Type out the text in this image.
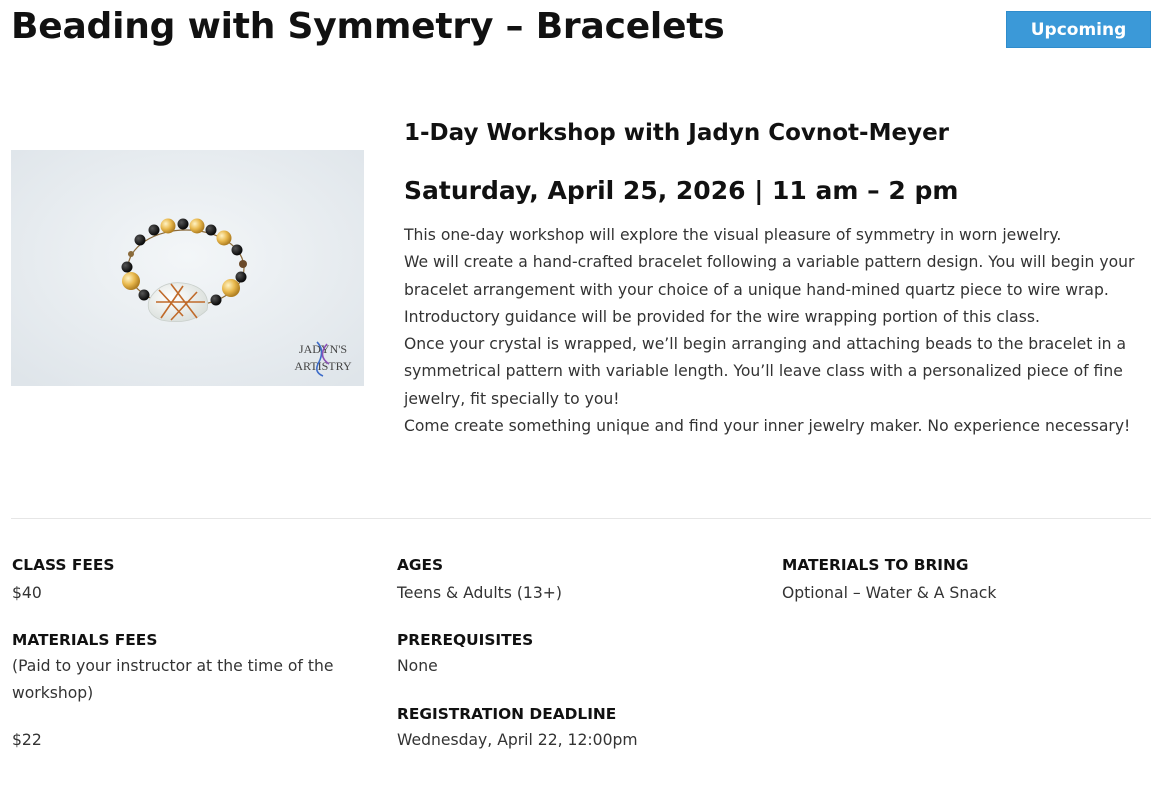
Beading with Symmetry – Bracelets	Upcoming
JADYN'S
ARTISTRY
1-Day Workshop with Jadyn Covnot-Meyer
Saturday, April 25, 2026 | 11 am – 2 pm

This one-day workshop will explore the visual pleasure of symmetry in worn jewelry.

We will create a hand-crafted bracelet following a variable pattern design. You will begin your bracelet arrangement with your choice of a unique hand-mined quartz piece to wire wrap.

Introductory guidance will be provided for the wire wrapping portion of this class.

Once your crystal is wrapped, we’ll begin arranging and attaching beads to the bracelet in a symmetrical pattern with variable length. You’ll leave class with a personalized piece of fine jewelry, fit specially to you!

Come create something unique and find your inner jewelry maker. No experience necessary!

CLASS FEES

$40

MATERIALS FEES

(Paid to your instructor at the time of the workshop)

$22

AGES

Teens & Adults (13+)

PREREQUISITES

None

REGISTRATION DEADLINE

Wednesday, April 22, 12:00pm

MATERIALS TO BRING

Optional – Water & A Snack
